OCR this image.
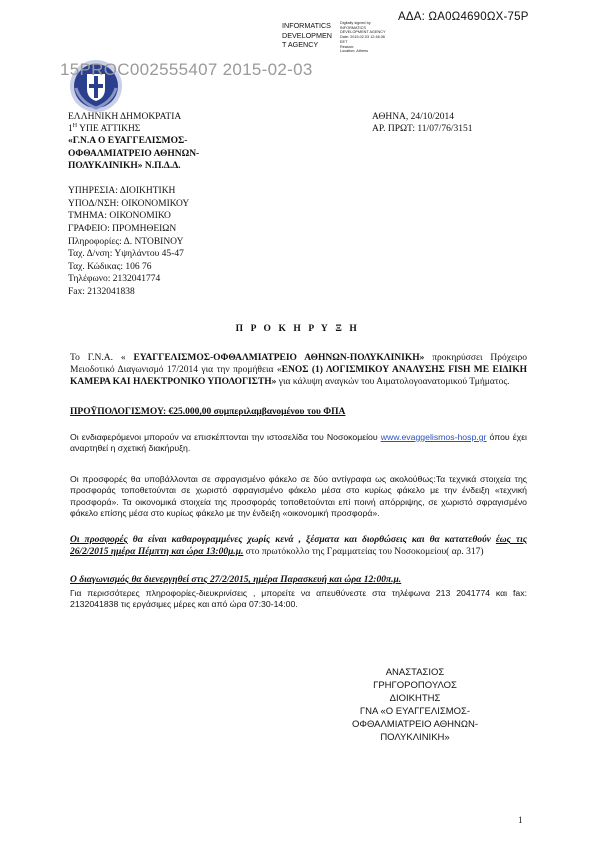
ΑΔΑ: ΩΑ0Ω4690ΩΧ-75Ρ
INFORMATICS
DEVELOPMEN
T AGENCY
Digitally signed by
INFORMATICS
DEVELOPMENT AGENCY
Date: 2015.02.03 12:46:36
EET
Reason:
Location: Athens
15PROC002555407 2015-02-03
ΕΛΛΗΝΙΚΗ ΔΗΜΟΚΡΑΤΙΑ
$1^H$ ΥΠΕ ΑΤΤΙΚΗΣ
«Γ.Ν.Α Ο ΕΥΑΓΓΕΛΙΣΜΟΣ-
ΟΦΘΑΛΜΙΑΤΡΕΙΟ ΑΘΗΝΩΝ-
ΠΟΛΥΚΛΙΝΙΚΗ» Ν.Π.Δ.Δ.
ΑΘΗΝΑ, 24/10/2014
ΑΡ. ΠΡΩΤ: 11/07/76/3151
ΥΠΗΡΕΣΙΑ: ΔΙΟΙΚΗΤΙΚΗ
ΥΠΟΔ/ΝΣΗ: ΟΙΚΟΝΟΜΙΚΟΥ
ΤΜΗΜΑ: ΟΙΚΟΝΟΜΙΚΟ
ΓΡΑΦΕΙΟ: ΠΡΟΜΗΘΕΙΩΝ
Πληροφορίες: Δ. ΝΤΟΒΙΝΟΥ
Ταχ. Δ/νση: Υψηλάντου 45-47
Ταχ. Κώδικας: 106 76
Τηλέφωνο: 2132041774
Fax: 2132041838
Π Ρ Ο Κ Η Ρ Υ Ξ Η
Το Γ.Ν.Α. « ΕΥΑΓΓΕΛΙΣΜΟΣ-ΟΦΘΑΛΜΙΑΤΡΕΙΟ ΑΘΗΝΩΝ-ΠΟΛΥΚΛΙΝΙΚΗ» προκηρύσσει Πρόχειρο Μειοδοτικό Διαγωνισμό 17/2014 για την προμήθεια «ΕΝΟΣ (1) ΛΟΓΙΣΜΙΚΟΥ ΑΝΑΛΥΣΗΣ FISH ΜΕ ΕΙΔΙΚΗ ΚΑΜΕΡΑ ΚΑΙ ΗΛΕΚΤΡΟΝΙΚΟ ΥΠΟΛΟΓΙΣΤΗ» για κάλυψη αναγκών του Αιματολογοανατομικού Τμήματος.
ΠΡΟΫΠΟΛΟΓΙΣΜΟΥ: €25.000,00 συμπεριλαμβανομένου του ΦΠΑ
Οι ενδιαφερόμενοι μπορούν να επισκέπτονται την ιστοσελίδα του Νοσοκομείου www.evaggelismos-hosp.gr όπου έχει αναρτηθεί η σχετική διακήρυξη.
Οι προσφορές θα υποβάλλονται σε σφραγισμένο φάκελο σε δύο αντίγραφα ως ακολούθως:Τα τεχνικά στοιχεία της προσφοράς τοποθετούνται σε χωριστό σφραγισμένο φάκελο μέσα στο κυρίως φάκελο με την ένδειξη «τεχνική προσφορά». Τα οικονομικά στοιχεία της προσφοράς τοποθετούνται επί ποινή απόρριψης, σε χωριστό σφραγισμένο φάκελο επίσης μέσα στο κυρίως φάκελο με την ένδειξη «οικονομική προσφορά».
Οι προσφορές θα είναι καθαρογραμμένες χωρίς κενά , ξέσματα και διορθώσεις και θα κατατεθούν έως τις 26/2/2015 ημέρα Πέμπτη και ώρα 13:00μ.μ. στο πρωτόκολλο της Γραμματείας του Νοσοκομείου( αρ. 317)
Ο διαγωνισμός θα διενεργηθεί στις 27/2/2015, ημέρα Παρασκευή και ώρα 12:00π.μ.
Για περισσότερες πληροφορίες-διευκρινίσεις , μπορείτε να απευθύνεστε στα τηλέφωνα 213 2041774 και fax: 2132041838 τις εργάσιμες μέρες και από ώρα 07:30-14:00.
ΑΝΑΣΤΑΣΙΟΣ
ΓΡΗΓΟΡΟΠΟΥΛΟΣ
ΔΙΟΙΚΗΤΗΣ
ΓΝΑ «Ο ΕΥΑΓΓΕΛΙΣΜΟΣ-
ΟΦΘΑΛΜΙΑΤΡΕΙΟ ΑΘΗΝΩΝ-
ΠΟΛΥΚΛΙΝΙΚΗ»
1
